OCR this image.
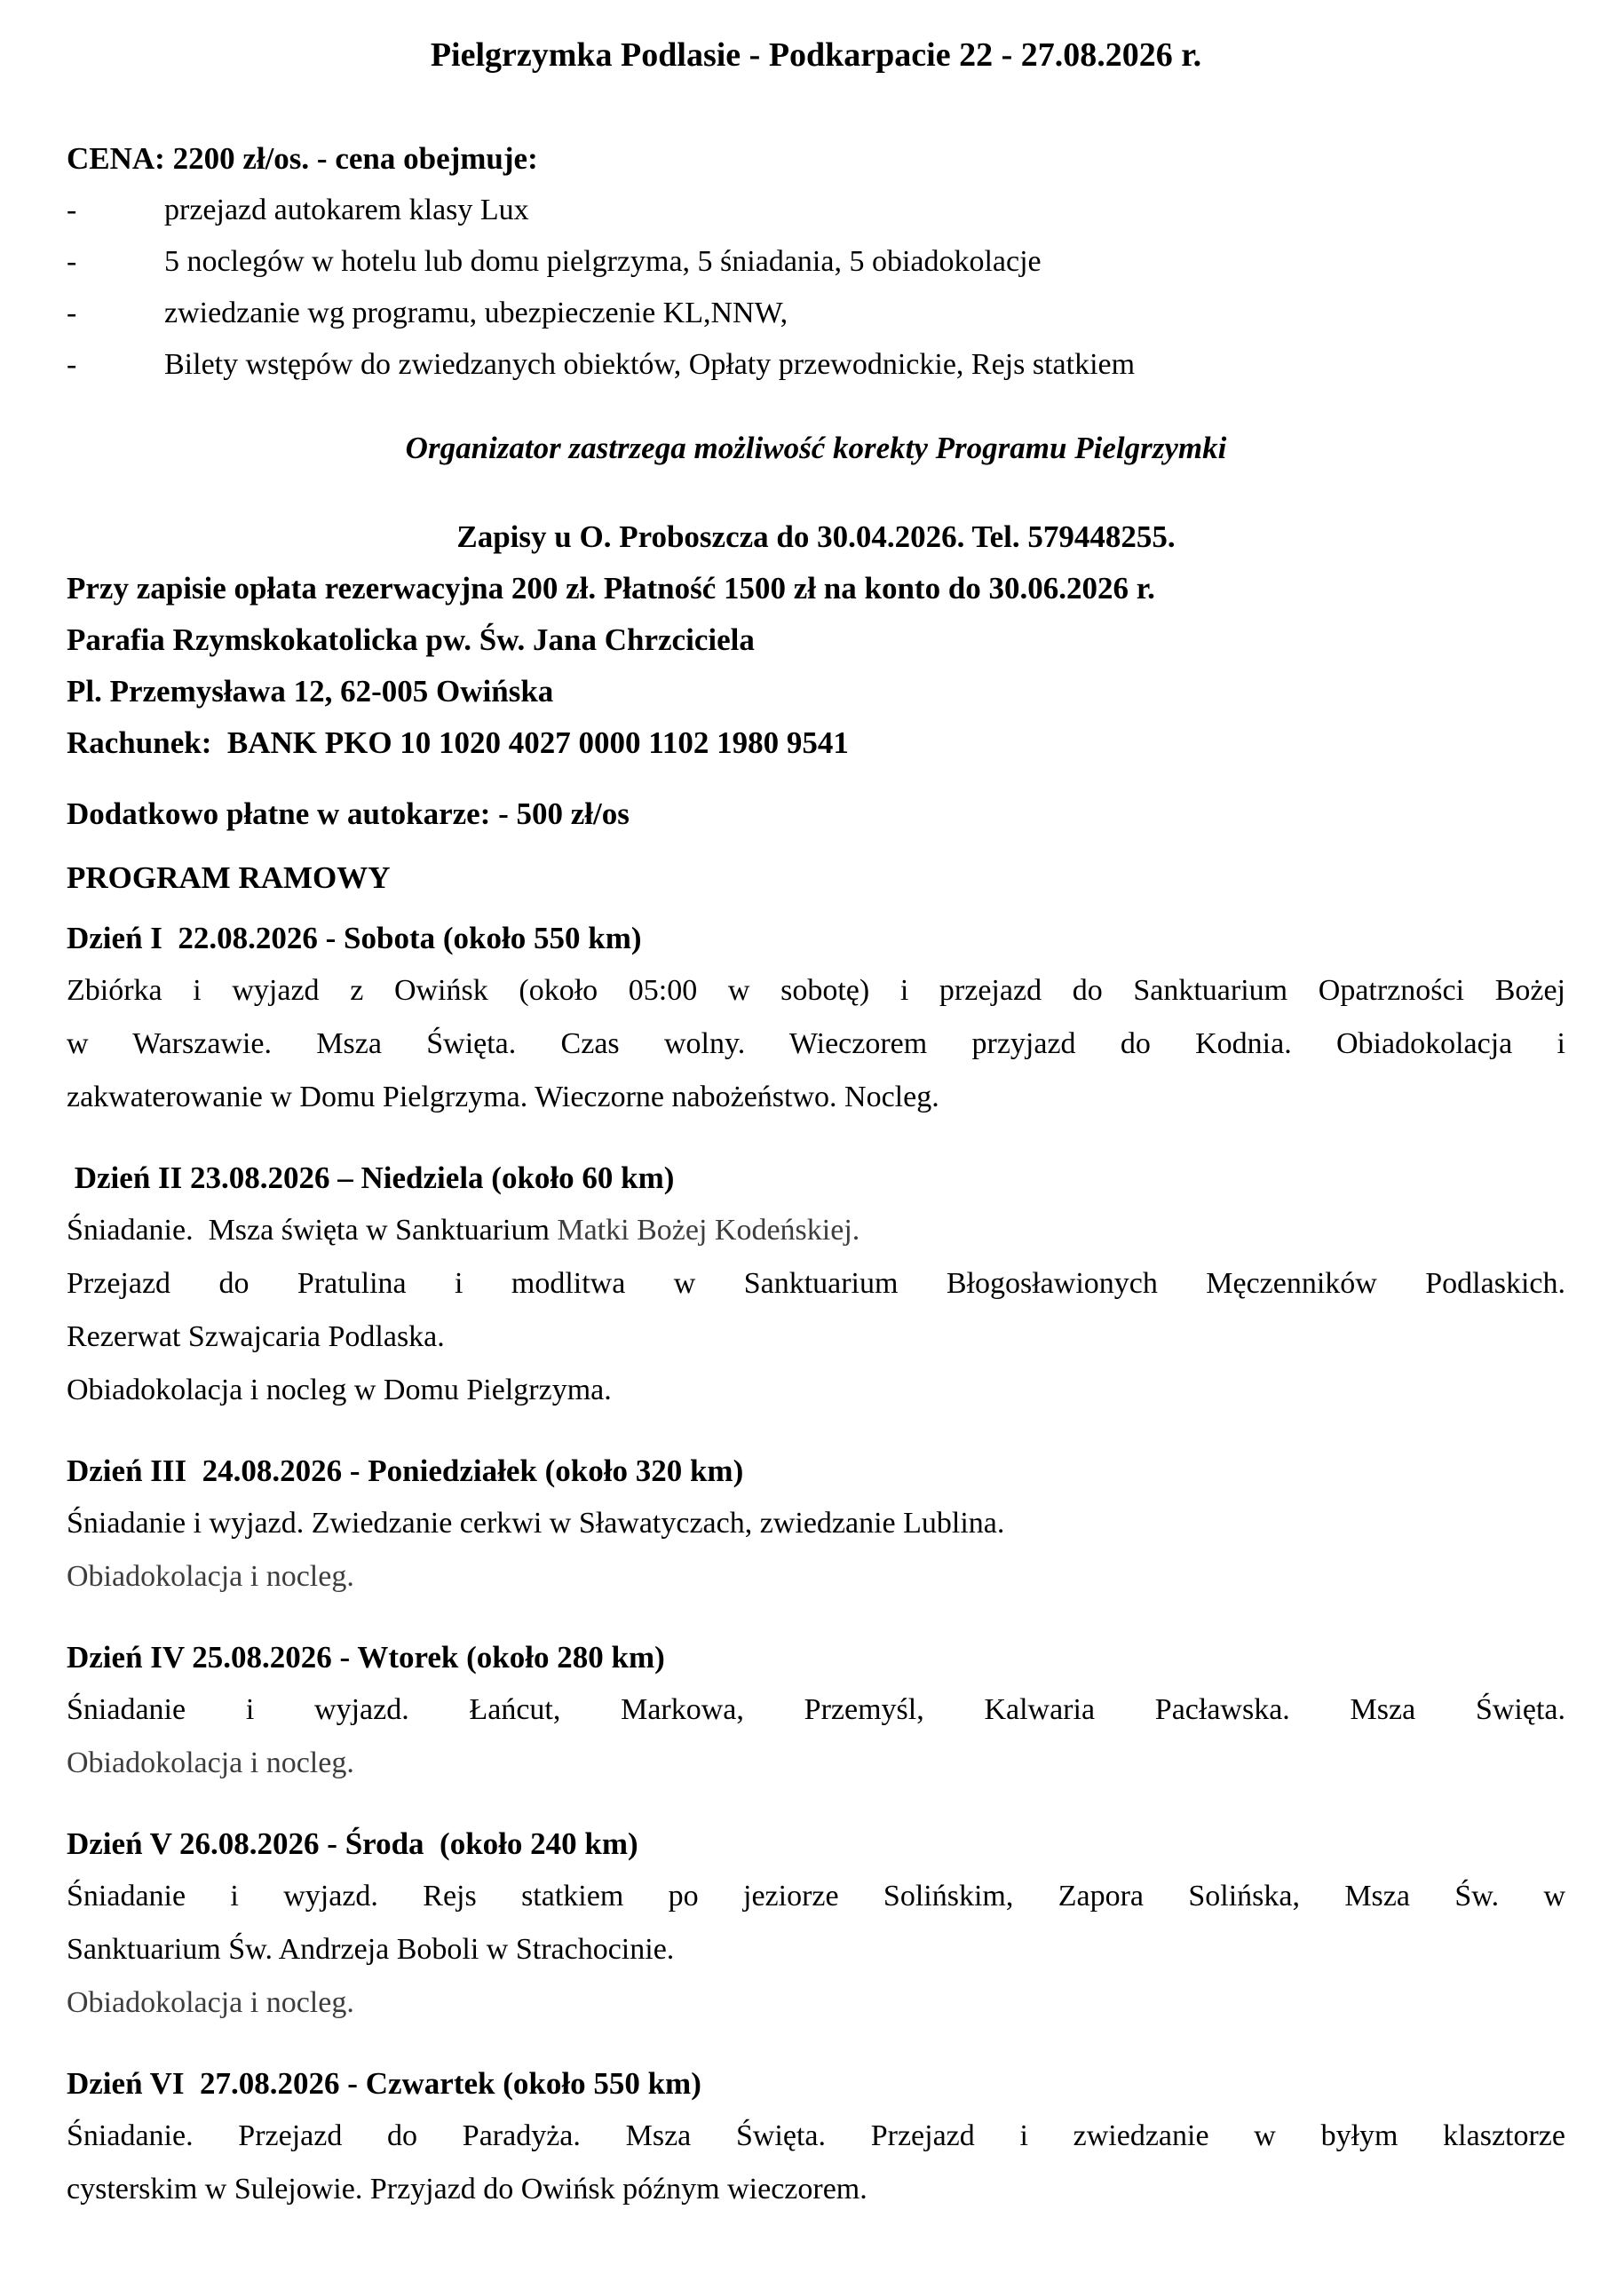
Pielgrzymka Podlasie - Podkarpacie 22 - 27.08.2026 r.

CENA: 2200 zł/os. - cena obejmuje:

-	przejazd autokarem klasy Lux
-	5 noclegów w hotelu lub domu pielgrzyma, 5 śniadania, 5 obiadokolacje
-	zwiedzanie wg programu, ubezpieczenie KL,NNW,
-	Bilety wstępów do zwiedzanych obiektów, Opłaty przewodnickie, Rejs statkiem

Organizator zastrzega możliwość korekty Programu Pielgrzymki

Zapisy u O. Proboszcza do 30.04.2026. Tel. 579448255.

Przy zapisie opłata rezerwacyjna 200 zł. Płatność 1500 zł na konto do 30.06.2026 r.

Parafia Rzymskokatolicka pw. Św. Jana Chrzciciela

Pl. Przemysława 12, 62-005 Owińska

Rachunek:  BANK PKO 10 1020 4027 0000 1102 1980 9541

Dodatkowo płatne w autokarze: - 500 zł/os

PROGRAM RAMOWY

Dzień I  22.08.2026 - Sobota (około 550 km)

Zbiórka i wyjazd z Owińsk (około 05:00 w sobotę) i przejazd do Sanktuarium Opatrzności Bożej

w Warszawie. Msza Święta. Czas wolny. Wieczorem przyjazd do Kodnia. Obiadokolacja i

zakwaterowanie w Domu Pielgrzyma. Wieczorne nabożeństwo. Nocleg.

Dzień II 23.08.2026 – Niedziela (około 60 km)

Śniadanie.  Msza święta w Sanktuarium Matki Bożej Kodeńskiej.

Przejazd do Pratulina i modlitwa w Sanktuarium Błogosławionych Męczenników Podlaskich.

Rezerwat Szwajcaria Podlaska.

Obiadokolacja i nocleg w Domu Pielgrzyma.

Dzień III  24.08.2026 - Poniedziałek (około 320 km)

Śniadanie i wyjazd. Zwiedzanie cerkwi w Sławatyczach, zwiedzanie Lublina.

Obiadokolacja i nocleg.

Dzień IV 25.08.2026 - Wtorek (około 280 km)

Śniadanie i wyjazd. Łańcut, Markowa, Przemyśl, Kalwaria Pacławska. Msza Święta.

Obiadokolacja i nocleg.

Dzień V 26.08.2026 - Środa  (około 240 km)

Śniadanie i wyjazd. Rejs statkiem po jeziorze Solińskim, Zapora Solińska, Msza Św. w

Sanktuarium Św. Andrzeja Boboli w Strachocinie.

Obiadokolacja i nocleg.

Dzień VI  27.08.2026 - Czwartek (około 550 km)

Śniadanie. Przejazd do Paradyża. Msza Święta. Przejazd i zwiedzanie w byłym klasztorze

cysterskim w Sulejowie. Przyjazd do Owińsk późnym wieczorem.
